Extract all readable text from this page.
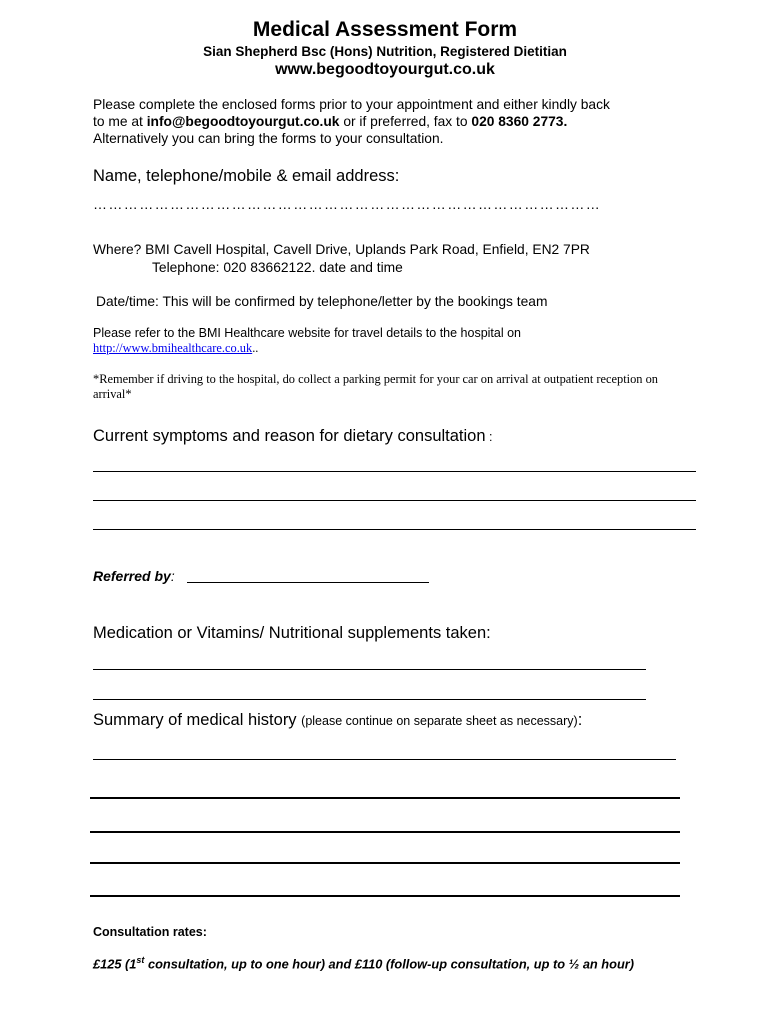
Medical Assessment Form
Sian Shepherd Bsc (Hons) Nutrition, Registered Dietitian
www.begoodtoyourgut.co.uk
Please complete the enclosed forms prior to your appointment and either kindly back
to me at info@begoodtoyourgut.co.uk or if preferred, fax to 020 8360 2773.
Alternatively you can bring the forms to your consultation.
Name, telephone/mobile & email address:
………………………………………………………………………………………
Where? BMI Cavell Hospital, Cavell Drive, Uplands Park Road, Enfield, EN2 7PR
Telephone: 020 83662122. date and time
Date/time: This will be confirmed by telephone/letter by the bookings team
Please refer to the BMI Healthcare website for travel details to the hospital on
http://www.bmihealthcare.co.uk..
*Remember if driving to the hospital, do collect a parking permit for your car on arrival at outpatient reception on arrival*
Current symptoms and reason for dietary consultation :
Referred by:
Medication or Vitamins/ Nutritional supplements taken:
Summary of medical history (please continue on separate sheet as necessary):
Consultation rates:
£125 (1st consultation, up to one hour) and £110 (follow-up consultation, up to ½ an hour)
